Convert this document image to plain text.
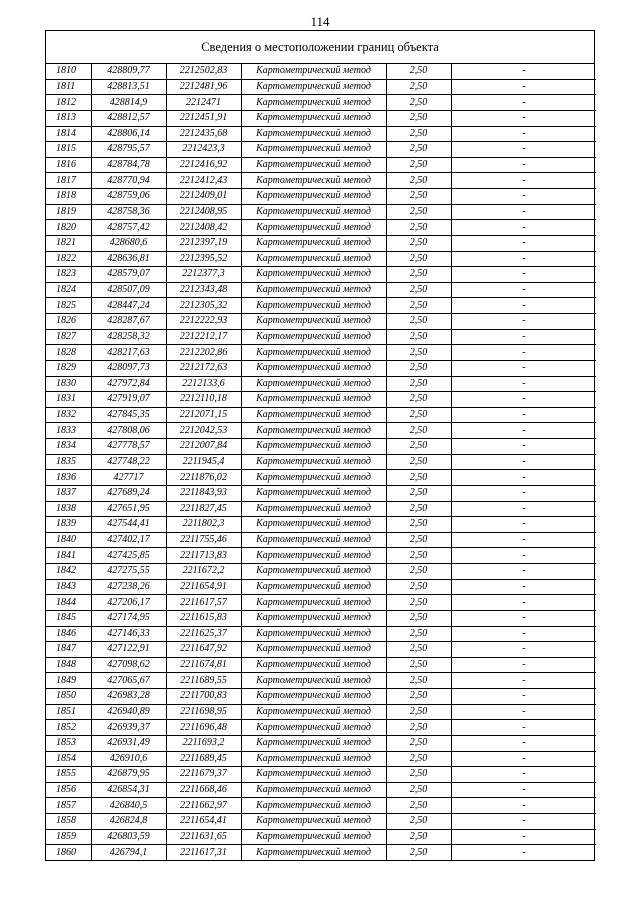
114
Сведения о местоположении границ объекта
1810	428809,77	2212502,83	Картометрический метод	2,50	-
1811	428813,51	2212481,96	Картометрический метод	2,50	-
1812	428814,9	2212471	Картометрический метод	2,50	-
1813	428812,57	2212451,91	Картометрический метод	2,50	-
1814	428806,14	2212435,68	Картометрический метод	2,50	-
1815	428795,57	2212423,3	Картометрический метод	2,50	-
1816	428784,78	2212416,92	Картометрический метод	2,50	-
1817	428770,94	2212412,43	Картометрический метод	2,50	-
1818	428759,06	2212409,01	Картометрический метод	2,50	-
1819	428758,36	2212408,95	Картометрический метод	2,50	-
1820	428757,42	2212408,42	Картометрический метод	2,50	-
1821	428680,6	2212397,19	Картометрический метод	2,50	-
1822	428636,81	2212395,52	Картометрический метод	2,50	-
1823	428579,07	2212377,3	Картометрический метод	2,50	-
1824	428507,09	2212343,48	Картометрический метод	2,50	-
1825	428447,24	2212305,32	Картометрический метод	2,50	-
1826	428287,67	2212222,93	Картометрический метод	2,50	-
1827	428258,32	2212212,17	Картометрический метод	2,50	-
1828	428217,63	2212202,86	Картометрический метод	2,50	-
1829	428097,73	2212172,63	Картометрический метод	2,50	-
1830	427972,84	2212133,6	Картометрический метод	2,50	-
1831	427919,07	2212110,18	Картометрический метод	2,50	-
1832	427845,35	2212071,15	Картометрический метод	2,50	-
1833	427808,06	2212042,53	Картометрический метод	2,50	-
1834	427778,57	2212007,84	Картометрический метод	2,50	-
1835	427748,22	2211945,4	Картометрический метод	2,50	-
1836	427717	2211876,02	Картометрический метод	2,50	-
1837	427689,24	2211843,93	Картометрический метод	2,50	-
1838	427651,95	2211827,45	Картометрический метод	2,50	-
1839	427544,41	2211802,3	Картометрический метод	2,50	-
1840	427402,17	2211755,46	Картометрический метод	2,50	-
1841	427425,85	2211713,83	Картометрический метод	2,50	-
1842	427275,55	2211672,2	Картометрический метод	2,50	-
1843	427238,26	2211654,91	Картометрический метод	2,50	-
1844	427206,17	2211617,57	Картометрический метод	2,50	-
1845	427174,95	2211615,83	Картометрический метод	2,50	-
1846	427146,33	2211625,37	Картометрический метод	2,50	-
1847	427122,91	2211647,92	Картометрический метод	2,50	-
1848	427098,62	2211674,81	Картометрический метод	2,50	-
1849	427065,67	2211689,55	Картометрический метод	2,50	-
1850	426983,28	2211700,83	Картометрический метод	2,50	-
1851	426940,89	2211698,95	Картометрический метод	2,50	-
1852	426939,37	2211696,48	Картометрический метод	2,50	-
1853	426931,49	2211693,2	Картометрический метод	2,50	-
1854	426910,6	2211689,45	Картометрический метод	2,50	-
1855	426879,95	2211679,37	Картометрический метод	2,50	-
1856	426854,31	2211668,46	Картометрический метод	2,50	-
1857	426840,5	2211662,97	Картометрический метод	2,50	-
1858	426824,8	2211654,41	Картометрический метод	2,50	-
1859	426803,59	2211631,65	Картометрический метод	2,50	-
1860	426794,1	2211617,31	Картометрический метод	2,50	-
